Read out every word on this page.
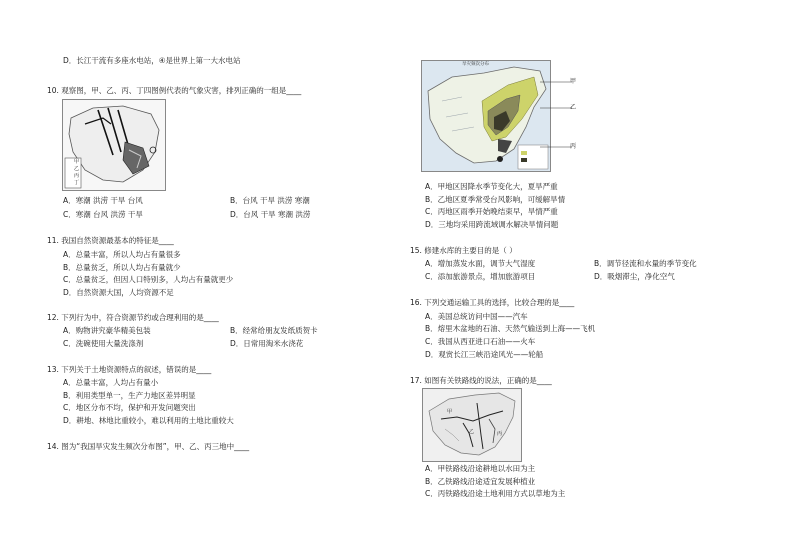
D．长江干流有多座水电站，④是世界上第一大水电站
10. 观察图，甲、乙、丙、丁四图例代表的气象灾害，排列正确的一组是____
甲
乙
丙
丁
A．寒潮 洪涝 干旱 台风	B．台风 干旱 洪涝 寒潮
C．寒潮 台风 洪涝 干旱	D．台风 干旱 寒潮 洪涝
11. 我国自然资源最基本的特征是____
A．总量丰富，所以人均占有量很多
B．总量贫乏，所以人均占有量就少
C．总量贫乏，但因人口特别多，人均占有量就更少
D．自然资源大国，人均资源不足
12. 下列行为中，符合资源节约或合理利用的是____
A．购物讲究豪华精美包装	B．经常给朋友发纸质贺卡
C．洗碗使用大量洗涤剂	D．日常用淘米水浇花
13. 下列关于土地资源特点的叙述，错误的是____
A．总量丰富，人均占有量小
B．利用类型单一，生产力地区差异明显
C．地区分布不均，保护和开发问题突出
D．耕地、林地比重较小，难以利用的土地比重较大
14. 图为“我国旱灾发生频次分布图”，甲、乙、丙三地中____
旱灾频次分布
甲
乙
丙
A．甲地区因降水季节变化大，夏旱严重
B．乙地区夏季常受台风影响，可缓解旱情
C．丙地区雨季开始晚结束早，旱情严重
D．三地均采用跨流域调水解决旱情问题
15. 修建水库的主要目的是（ ）
A．增加蒸发水面，调节大气湿度	B．调节径流和水量的季节变化
C．添加旅游景点，增加旅游项目	D．吸烟滞尘，净化空气
16. 下列交通运输工具的选择，比较合理的是____
A．美国总统访问中国——汽车
B．熔里木盆地的石油、天然气输送到上海——飞机
C．我国从西亚进口石油——火车
D．观赏长江三峡沿途风光——轮船
17. 如图有关铁路线的说法，正确的是____
甲
乙	丙
A．甲铁路线沿途耕地以水田为主
B．乙铁路线沿途适宜发展种植业
C．丙铁路线沿途土地利用方式以草地为主
